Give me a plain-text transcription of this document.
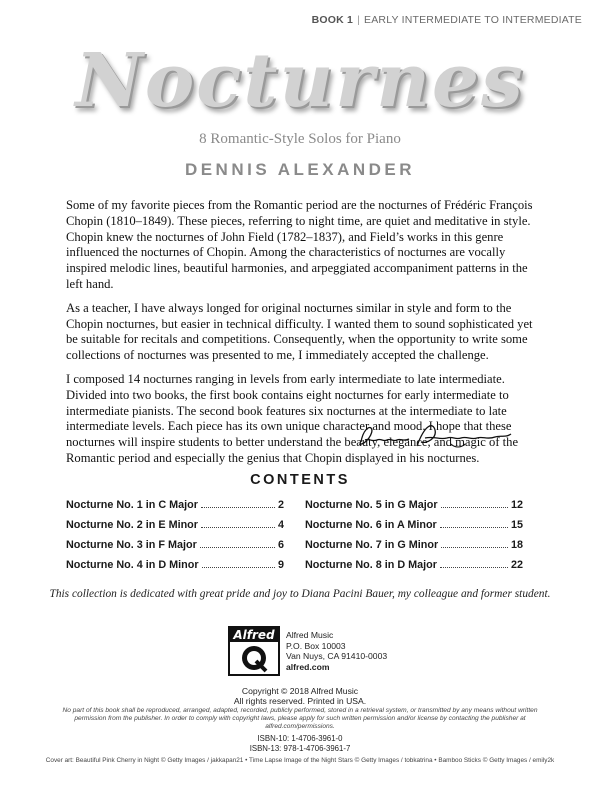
BOOK 1 | EARLY INTERMEDIATE TO INTERMEDIATE
Nocturnes
8 Romantic-Style Solos for Piano
DENNIS ALEXANDER

Some of my favorite pieces from the Romantic period are the nocturnes of Frédéric François Chopin (1810–1849). These pieces, referring to night time, are quiet and meditative in style. Chopin knew the nocturnes of John Field (1782–1837), and Field’s works in this genre influenced the nocturnes of Chopin. Among the characteristics of nocturnes are vocally inspired melodic lines, beautiful harmonies, and arpeggiated accompaniment patterns in the left hand.

As a teacher, I have always longed for original nocturnes similar in style and form to the Chopin nocturnes, but easier in technical difficulty. I wanted them to sound sophisticated yet be suitable for recitals and competitions. Consequently, when the opportunity to write some collections of nocturnes was presented to me, I immediately accepted the challenge.

I composed 14 nocturnes ranging in levels from early intermediate to late intermediate. Divided into two books, the first book contains eight nocturnes for early intermediate to intermediate pianists. The second book features six nocturnes at the intermediate to late intermediate levels. Each piece has its own unique character and mood. I hope that these nocturnes will inspire students to better understand the beauty, elegance, and magic of the Romantic period and especially the genius that Chopin displayed in his nocturnes.

CONTENTS
Nocturne No. 1 in C Major	2
Nocturne No. 2 in E Minor	4
Nocturne No. 3 in F Major	6
Nocturne No. 4 in D Minor	9
Nocturne No. 5 in G Major	12
Nocturne No. 6 in A Minor	15
Nocturne No. 7 in G Minor	18
Nocturne No. 8 in D Major	22
This collection is dedicated with great pride and joy to Diana Pacini Bauer, my colleague and former student.
Alfred Alfred Music
P.O. Box 10003
Van Nuys, CA 91410-0003
alfred.com
Copyright © 2018 Alfred Music
All rights reserved. Printed in USA.
No part of this book shall be reproduced, arranged, adapted, recorded, publicly performed, stored in a retrieval system, or transmitted by any means without written permission from the publisher. In order to comply with copyright laws, please apply for such written permission and/or license by contacting the publisher at alfred.com/permissions.
ISBN-10: 1-4706-3961-0
ISBN-13: 978-1-4706-3961-7
Cover art: Beautiful Pink Cherry in Night © Getty Images / jakkapan21 • Time Lapse Image of the Night Stars © Getty Images / tobkatrina • Bamboo Sticks © Getty Images / emily2k
